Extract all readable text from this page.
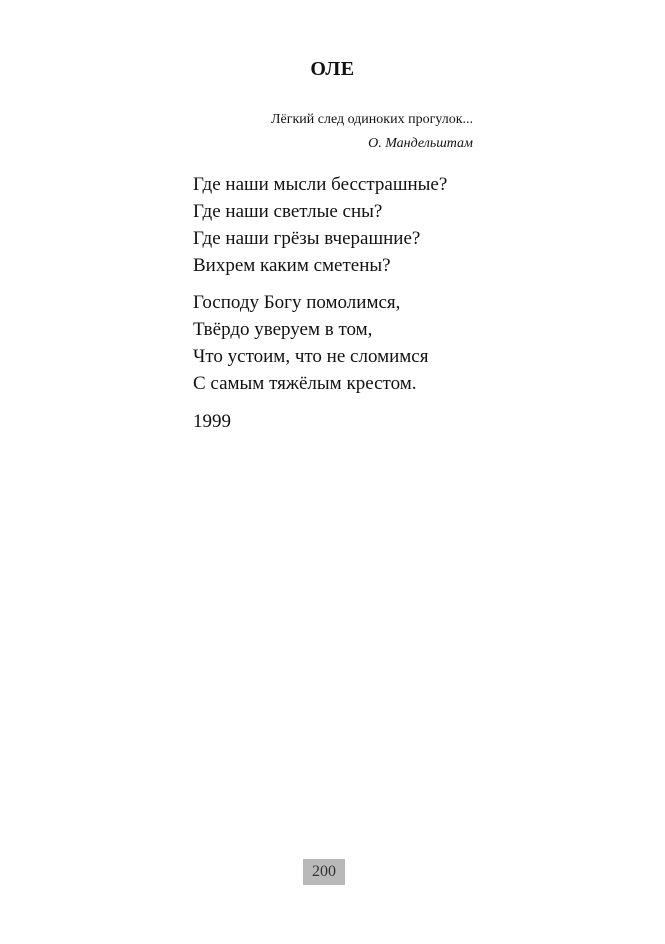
ОЛЕ
Лёгкий след одиноких прогулок...
О. Мандельштам
Где наши мысли бесстрашные?
Где наши светлые сны?
Где наши грёзы вчерашние?
Вихрем каким сметены?
Господу Богу помолимся,
Твёрдо уверуем в том,
Что устоим, что не сломимся
С самым тяжёлым крестом.
1999
200
